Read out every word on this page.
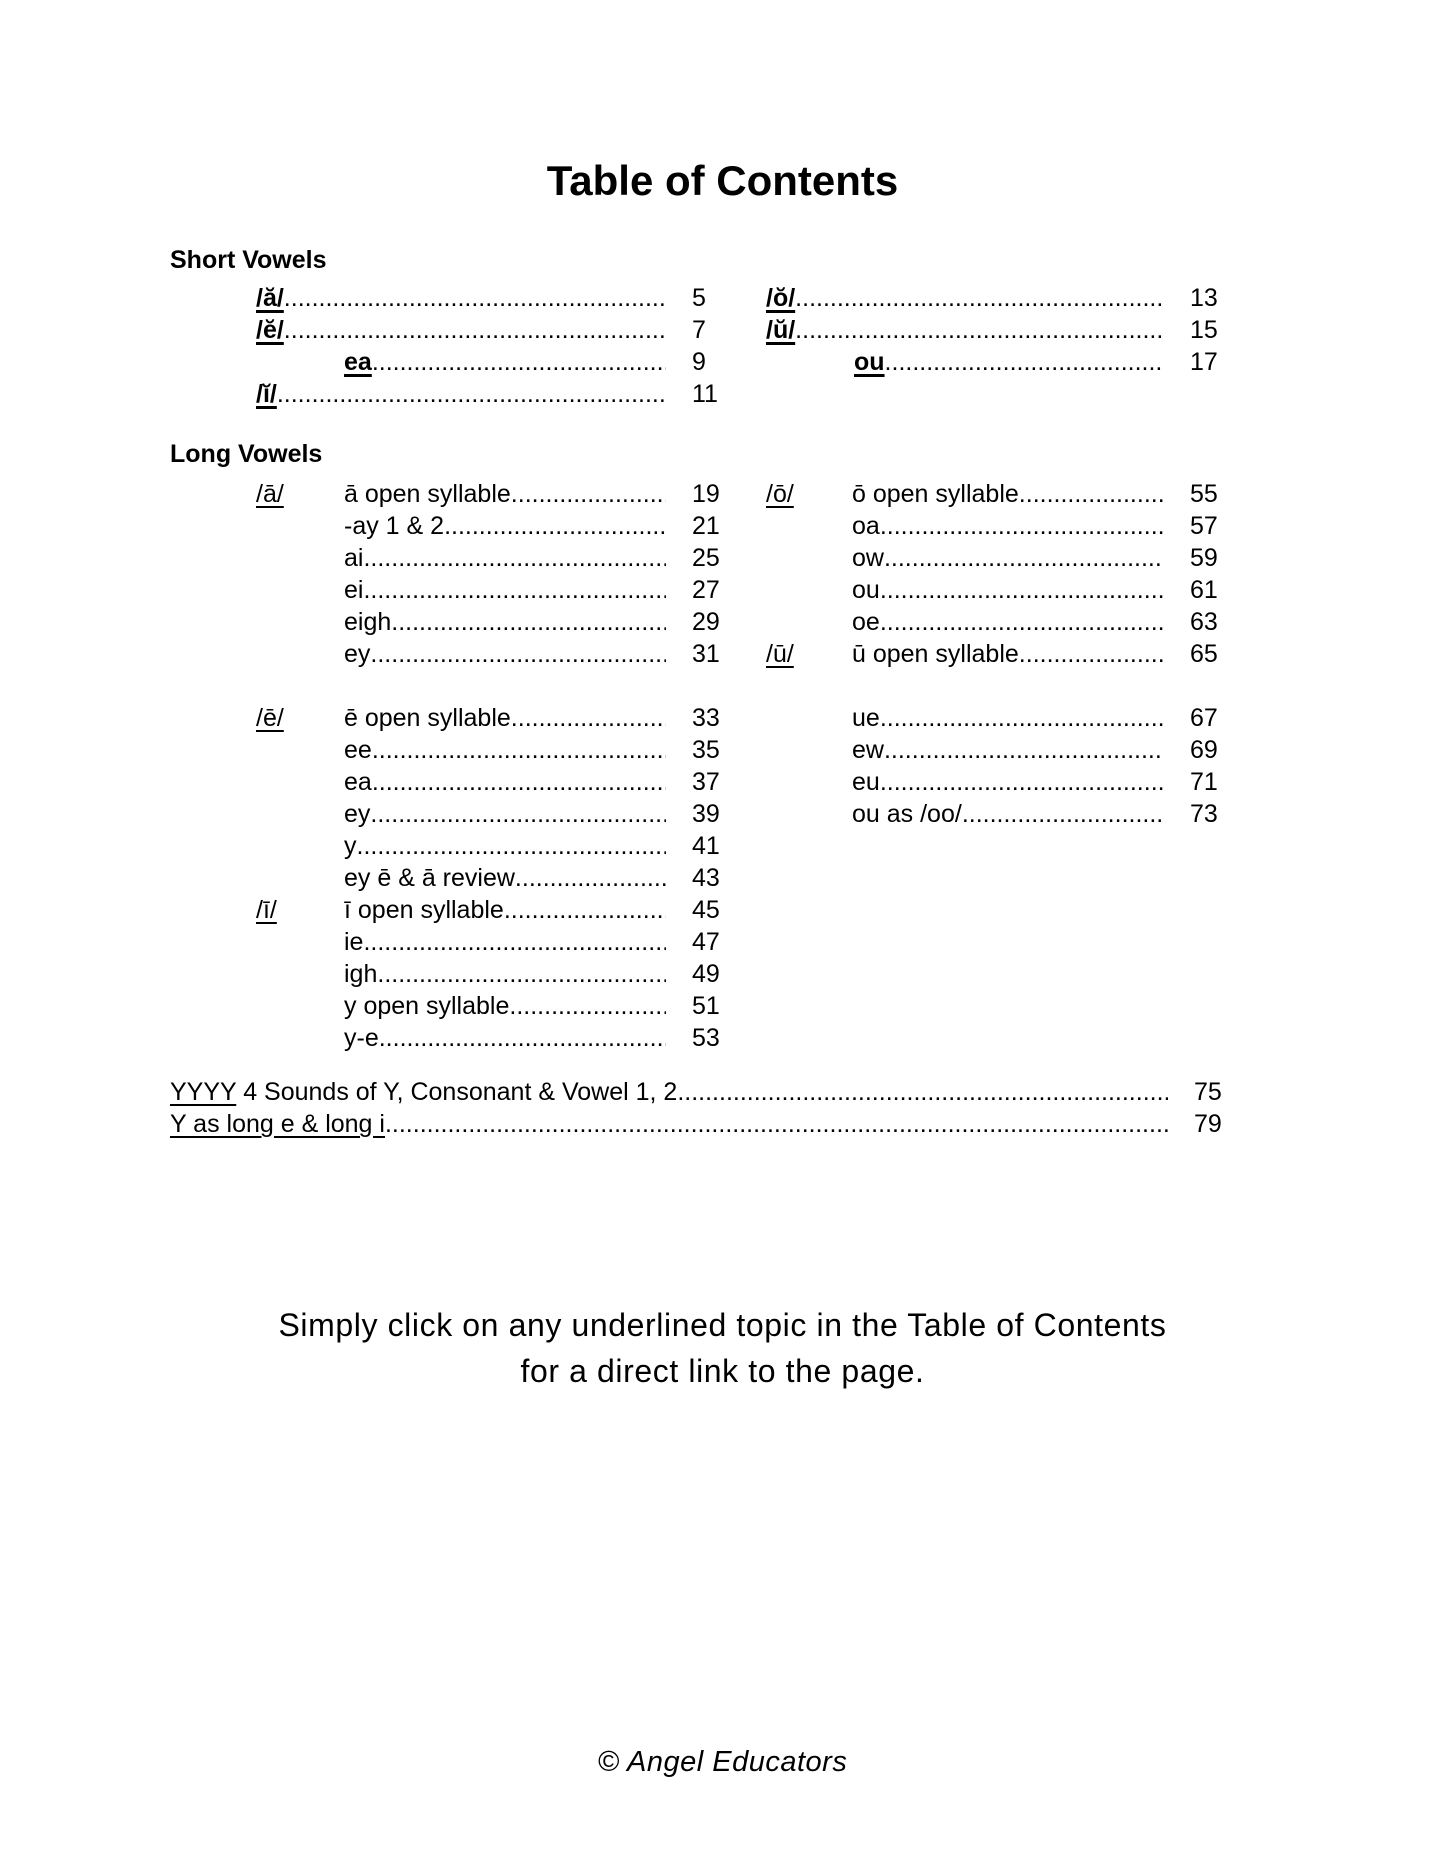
Table of Contents
Short Vowels
/ă/ .....	5
/ĕ/ .....	7
ea .....	9
/ĭ/ .....	11
/ŏ/ .....	13
/ŭ/ .....	15
ou .....	17
Long Vowels
/ā/	ā open syllable .....	19
-ay 1 & 2 .....	21
ai .....	25
ei .....	27
eigh .....	29
ey .....	31
/ē/	ē open syllable .....	33
ee .....	35
ea .....	37
ey .....	39
y .....	41
ey ē & ā review .....	43
/ī/	ī open syllable .....	45
ie .....	47
igh .....	49
y open syllable .....	51
y-e .....	53
/ō/	ō open syllable .....	55
oa .....	57
ow .....	59
ou .....	61
oe .....	63
/ū/	ū open syllable .....	65
ue .....	67
ew .....	69
eu .....	71
ou as /oo/ .....	73
YYYY 4 Sounds of Y, Consonant & Vowel 1, 2 .....	75
Y as long e & long i .....	79
Simply click on any underlined topic in the Table of Contents
for a direct link to the page.
© Angel Educators
